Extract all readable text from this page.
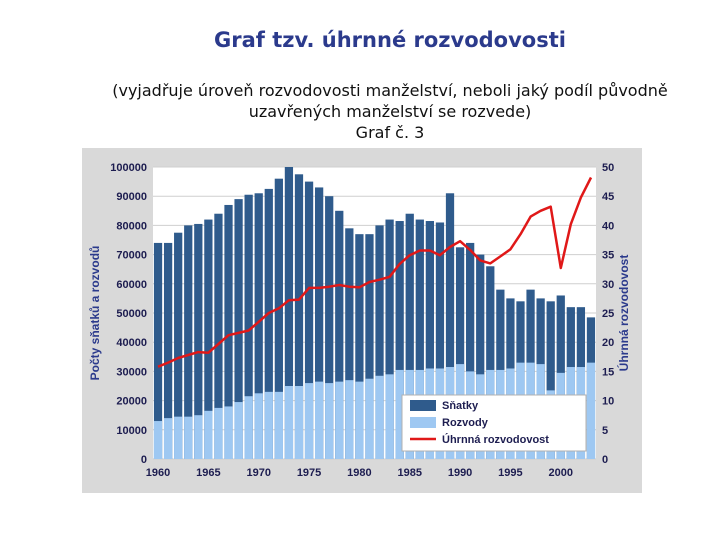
Graf tzv. úhrnné rozvodovosti
(vyjadřuje úroveň rozvodovosti manželství, neboli jaký podíl původně
uzavřených manželství se rozvede)
Graf č. 3
0
10000
20000
30000
40000
50000
60000
70000
80000
90000
100000
0
5
10
15
20
25
30
35
40
45
50
1960 1965 1970 1975 1980 1985 1990 1995 2000
Počty sňatků a rozvodů	Úhrnná rozvodovost
Sňatky
Rozvody
Úhrnná rozvodovost
